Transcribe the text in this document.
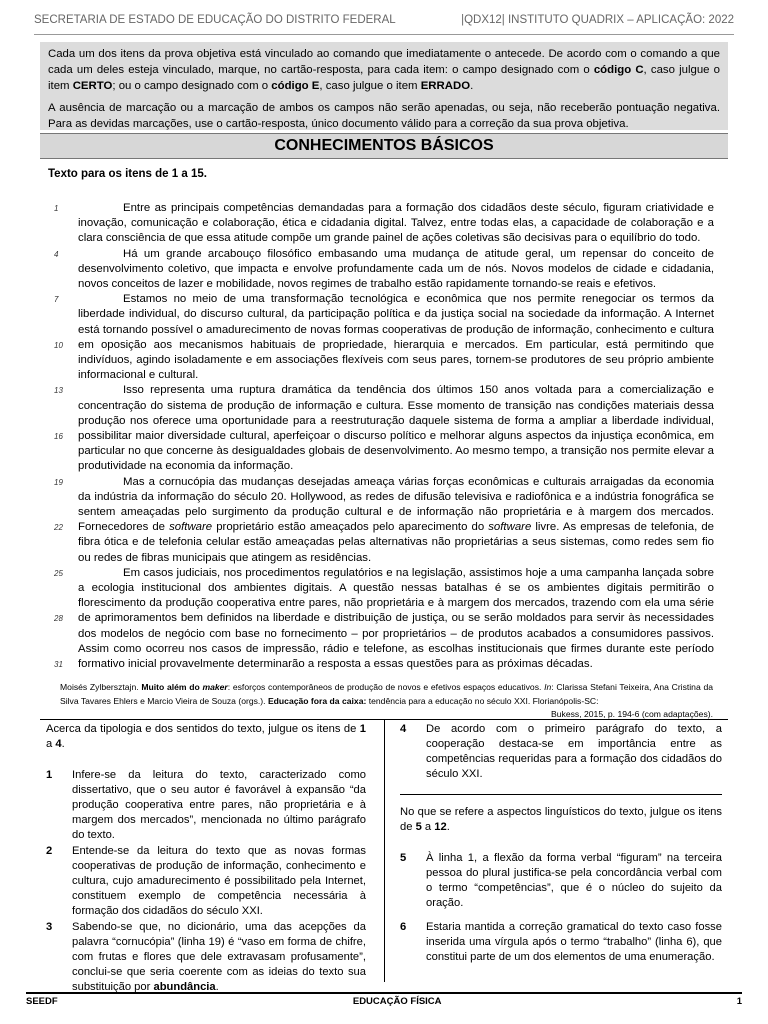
SECRETARIA DE ESTADO DE EDUCAÇÃO DO DISTRITO FEDERAL	|QDX12| INSTITUTO QUADRIX – APLICAÇÃO: 2022

Cada um dos itens da prova objetiva está vinculado ao comando que imediatamente o antecede. De acordo com o comando a que cada um deles esteja vinculado, marque, no cartão-resposta, para cada item: o campo designado com o código C, caso julgue o item CERTO; ou o campo designado com o código E, caso julgue o item ERRADO.

A ausência de marcação ou a marcação de ambos os campos não serão apenadas, ou seja, não receberão pontuação negativa. Para as devidas marcações, use o cartão-resposta, único documento válido para a correção da sua prova objetiva.

CONHECIMENTOS BÁSICOS
Texto para os itens de 1 a 15.
1
4
7
10
13
16
19
22
25
28
31

Entre as principais competências demandadas para a formação dos cidadãos deste século, figuram criatividade e inovação, comunicação e colaboração, ética e cidadania digital. Talvez, entre todas elas, a capacidade de colaboração e a clara consciência de que essa atitude compõe um grande painel de ações coletivas são decisivas para o equilíbrio do todo.

Há um grande arcabouço filosófico embasando uma mudança de atitude geral, um repensar do conceito de desenvolvimento coletivo, que impacta e envolve profundamente cada um de nós. Novos modelos de cidade e cidadania, novos conceitos de lazer e mobilidade, novos regimes de trabalho estão rapidamente tornando-se reais e efetivos.

Estamos no meio de uma transformação tecnológica e econômica que nos permite renegociar os termos da liberdade individual, do discurso cultural, da participação política e da justiça social na sociedade da informação. A Internet está tornando possível o amadurecimento de novas formas cooperativas de produção de informação, conhecimento e cultura em oposição aos mecanismos habituais de propriedade, hierarquia e mercados. Em particular, está permitindo que indivíduos, agindo isoladamente e em associações flexíveis com seus pares, tornem-se produtores de seu próprio ambiente informacional e cultural.

Isso representa uma ruptura dramática da tendência dos últimos 150 anos voltada para a comercialização e concentração do sistema de produção de informação e cultura. Esse momento de transição nas condições materiais dessa produção nos oferece uma oportunidade para a reestruturação daquele sistema de forma a ampliar a liberdade individual, possibilitar maior diversidade cultural, aperfeiçoar o discurso político e melhorar alguns aspectos da injustiça econômica, em particular no que concerne às desigualdades globais de desenvolvimento. Ao mesmo tempo, a transição nos permite elevar a produtividade na economia da informação.

Mas a cornucópia das mudanças desejadas ameaça várias forças econômicas e culturais arraigadas da economia da indústria da informação do século 20. Hollywood, as redes de difusão televisiva e radiofônica e a indústria fonográfica se sentem ameaçadas pelo surgimento da produção cultural e de informação não proprietária e à margem dos mercados. Fornecedores de software proprietário estão ameaçados pelo aparecimento do software livre. As empresas de telefonia, de fibra ótica e de telefonia celular estão ameaçadas pelas alternativas não proprietárias a seus sistemas, como redes sem fio ou redes de fibras municipais que atingem as residências.

Em casos judiciais, nos procedimentos regulatórios e na legislação, assistimos hoje a uma campanha lançada sobre a ecologia institucional dos ambientes digitais. A questão nessas batalhas é se os ambientes digitais permitirão o florescimento da produção cooperativa entre pares, não proprietária e à margem dos mercados, trazendo com ela uma série de aprimoramentos bem definidos na liberdade e distribuição de justiça, ou se serão moldados para servir às necessidades dos modelos de negócio com base no fornecimento – por proprietários – de produtos acabados a consumidores passivos. Assim como ocorreu nos casos de impressão, rádio e telefone, as escolhas institucionais que firmes durante este período formativo inicial provavelmente determinarão a resposta a essas questões para as próximas décadas.

Moisés Zylbersztajn. Muito além do maker: esforços contemporâneos de produção de novos e efetivos espaços educativos. In: Clarissa Stefani Teixeira, Ana Cristina da Silva Tavares Ehlers e Marcio Vieira de Souza (orgs.). Educação fora da caixa: tendência para a educação no século XXI. Florianópolis-SC:
Bukess, 2015, p. 194-6 (com adaptações).
Acerca da tipologia e dos sentidos do texto, julgue os itens de 1 a 4.
1	Infere-se da leitura do texto, caracterizado como dissertativo, que o seu autor é favorável à expansão “da produção cooperativa entre pares, não proprietária e à margem dos mercados”, mencionada no último parágrafo do texto.
2	Entende-se da leitura do texto que as novas formas cooperativas de produção de informação, conhecimento e cultura, cujo amadurecimento é possibilitado pela Internet, constituem exemplo de competência necessária à formação dos cidadãos do século XXI.
3	Sabendo-se que, no dicionário, uma das acepções da palavra “cornucópia” (linha 19) é “vaso em forma de chifre, com frutas e flores que dele extravasam profusamente”, conclui-se que seria coerente com as ideias do texto sua substituição por abundância.
4	De acordo com o primeiro parágrafo do texto, a cooperação destaca-se em importância entre as competências requeridas para a formação dos cidadãos do século XXI.
No que se refere a aspectos linguísticos do texto, julgue os itens de 5 a 12.
5	À linha 1, a flexão da forma verbal “figuram” na terceira pessoa do plural justifica-se pela concordância verbal com o termo “competências”, que é o núcleo do sujeito da oração.
6	Estaria mantida a correção gramatical do texto caso fosse inserida uma vírgula após o termo “trabalho” (linha 6), que constitui parte de um dos elementos de uma enumeração.
SEEDF	EDUCAÇÃO FÍSICA	1
